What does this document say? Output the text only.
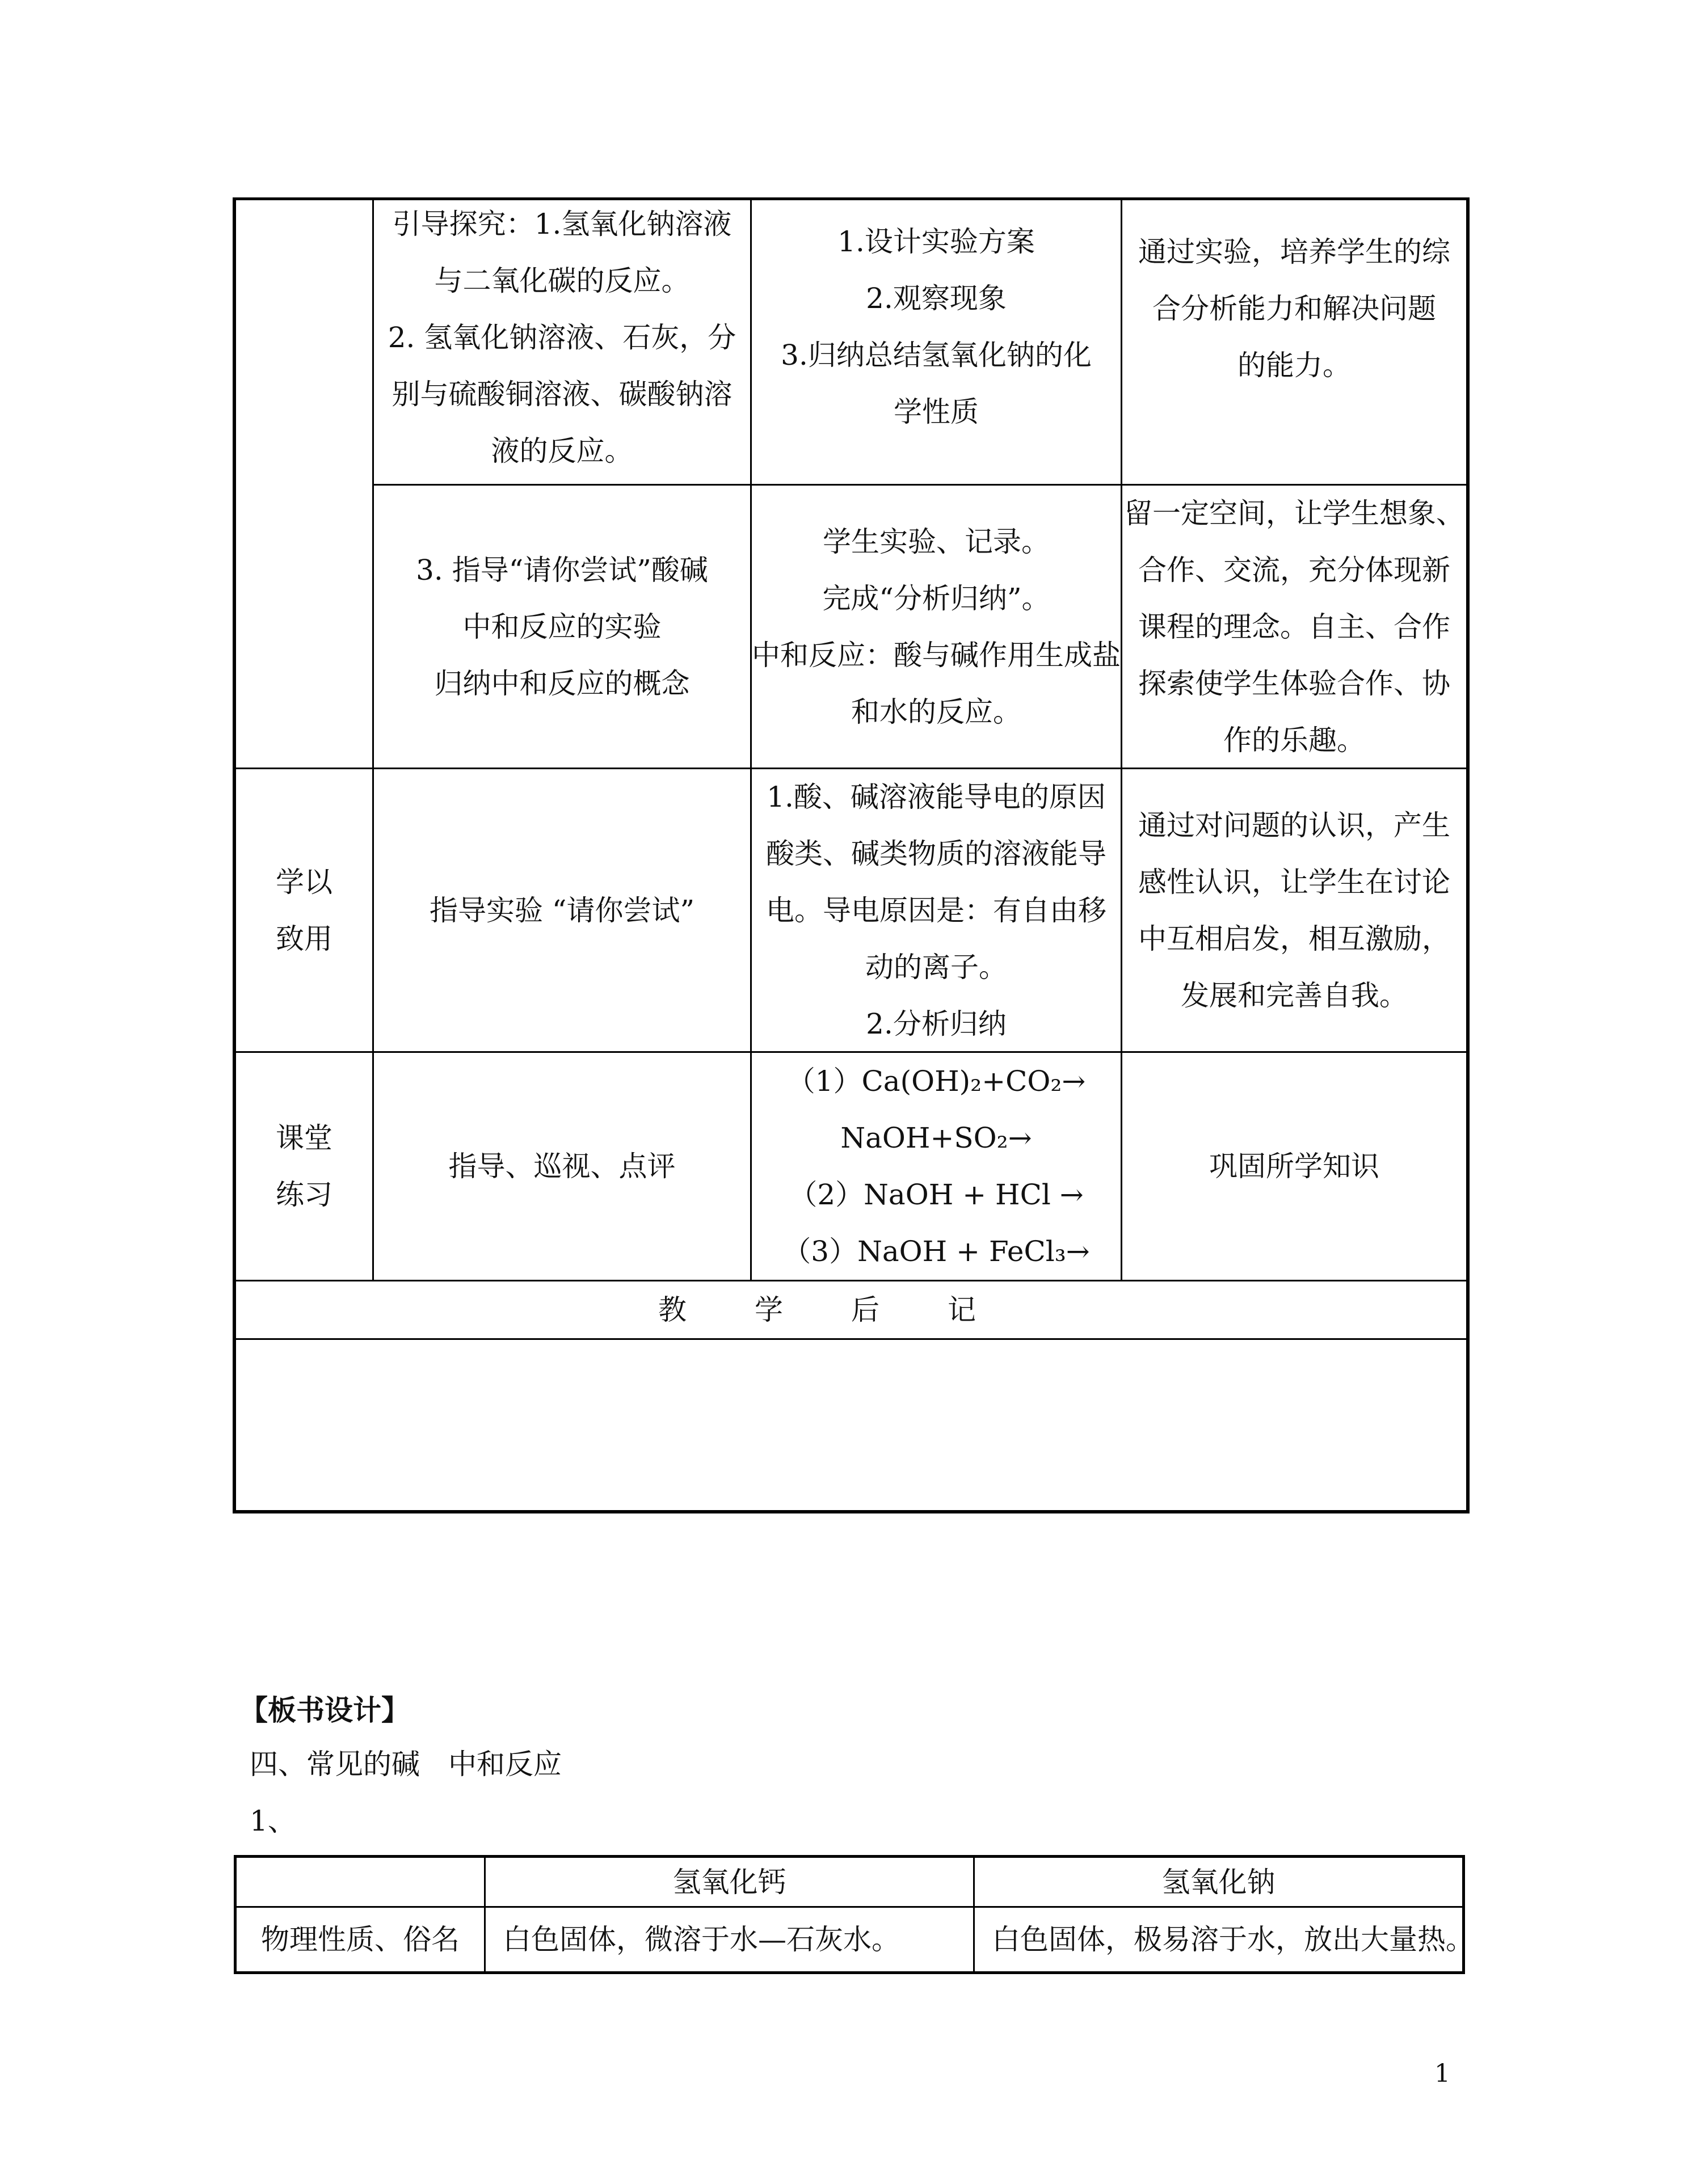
引导探究：1.氢氧化钠溶液
与二氧化碳的反应。
2. 氢氧化钠溶液、石灰，分
别与硫酸铜溶液、碳酸钠溶
液的反应。
1.设计实验方案
2.观察现象
3.归纳总结氢氧化钠的化
学性质
通过实验，培养学生的综
合分析能力和解决问题
的能力。
3. 指导“请你尝试”酸碱
中和反应的实验
归纳中和反应的概念
学生实验、记录。
完成“分析归纳”。
中和反应：酸与碱作用生成盐
和水的反应。
留一定空间，让学生想象、
合作、交流，充分体现新
课程的理念。自主、合作
探索使学生体验合作、协
作的乐趣。
学以
致用
指导实验 “请你尝试”
1.酸、碱溶液能导电的原因
酸类、碱类物质的溶液能导
电。导电原因是：有自由移
动的离子。
2.分析归纳
通过对问题的认识，产生
感性认识，让学生在讨论
中互相启发，相互激励，
发展和完善自我。
课堂
练习
指导、巡视、点评
（1）Ca(OH)₂+CO₂→
NaOH+SO₂→
（2）NaOH + HCl →
（3）NaOH + FeCl₃→
巩固所学知识
教学后记
【板书设计】
四、常见的碱　中和反应
1、
氢氧化钙	氢氧化钠
物理性质、俗名 白色固体，微溶于水—石灰水。	白色固体，极易溶于水，放出大量热。
1
